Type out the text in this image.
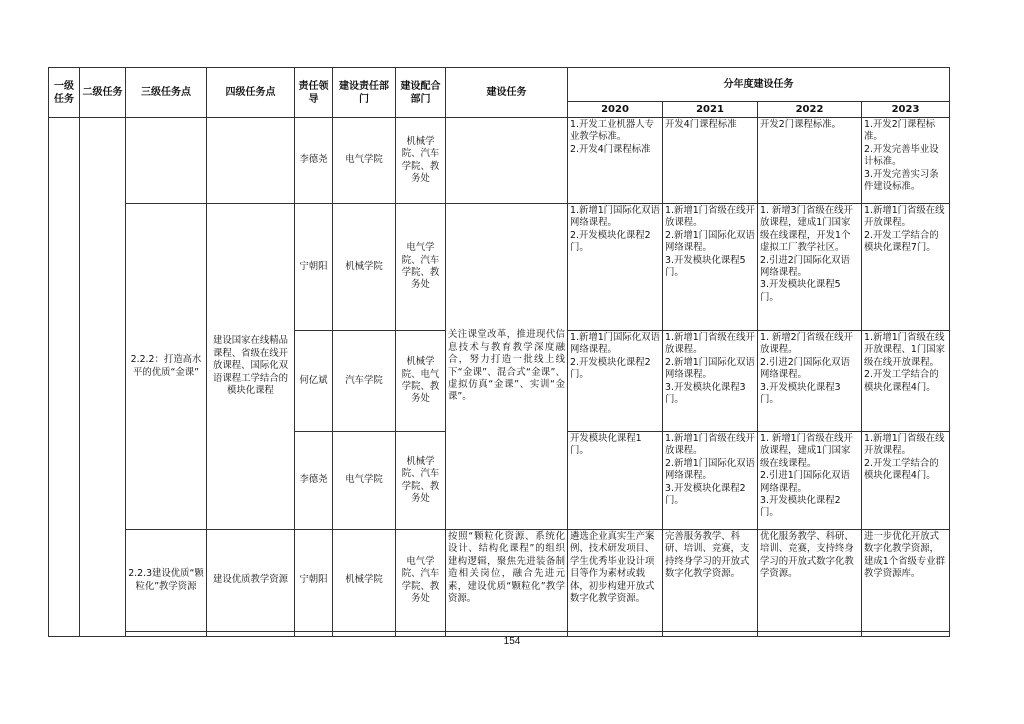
一级任务	二级任务	三级任务点	四级任务点	责任领导	建设责任部门	建设配合部门	建设任务	分年度建设任务			
								2020	2021	2022	2023
				李德尧	电气学院	机械学院、汽车学院、教务处		1.开发工业机器人专业教学标准。
2.开发4门课程标准	开发4门课程标准	开发2门课程标准。	1.开发2门课程标准。
2.开发完善毕业设计标准。
3.开发完善实习条件建设标准。
		2.2.2：打造高水平的优质“金课”	建设国家在线精品课程、省级在线开放课程、国际化双语课程工学结合的模块化课程	宁朝阳	机械学院	电气学院、汽车学院、教务处	关注课堂改革，推进现代信息技术与教育教学深度融合，努力打造一批线上线下“金课”、混合式“金课”、虚拟仿真“金课”、实训“金课”。	1.新增1门国际化双语网络课程。
2.开发模块化课程2门。	1.新增1门省级在线开放课程。
2.新增1门国际化双语网络课程。
3.开发模块化课程5门。	1. 新增3门省级在线开放课程，建成1门国家级在线课程，开发1个虚拟工厂教学社区。
2.引进2门国际化双语网络课程。
3.开发模块化课程5门。	1.新增1门省级在线开放课程。
2.开发工学结合的模块化课程7门。
				何亿斌	汽车学院	机械学院、电气学院、教务处		1.新增1门国际化双语网络课程。
2.开发模块化课程2门。	1.新增1门省级在线开放课程。
2.新增1门国际化双语网络课程。
3.开发模块化课程3门。	1. 新增2门省级在线开放课程。
2.引进2门国际化双语网络课程。
3.开发模块化课程3门。	1.新增1门省级在线开放课程、1门国家级在线开放课程。
2.开发工学结合的模块化课程4门。
				李德尧	电气学院	机械学院、汽车学院、教务处		开发模块化课程1门。	1.新增1门省级在线开放课程。
2.新增1门国际化双语网络课程。
3.开发模块化课程2门。	1. 新增1门省级在线开放课程，建成1门国家级在线课程。
2.引进1门国际化双语网络课程。
3.开发模块化课程2门。	1.新增1门省级在线开放课程。
2.开发工学结合的模块化课程4门。
		2.2.3建设优质“颗粒化”教学资源	建设优质教学资源	宁朝阳	机械学院	电气学院、汽车学院、教务处	按照“颗粒化资源、系统化设计、结构化课程”的组织建构逻辑，聚焦先进装备制造相关岗位，融合先进元素，建设优质“颗粒化”教学资源。	遴选企业真实生产案例、技术研发项目、学生优秀毕业设计项目等作为素材或载体，初步构建开放式数字化教学资源。	完善服务教学、科研、培训、竞赛，支持终身学习的开放式数字化教学资源。	优化服务教学、科研、培训、竞赛，支持终身学习的开放式数字化教学资源。	进一步优化开放式数字化教学资源，建成1个省级专业群教学资源库。

154
